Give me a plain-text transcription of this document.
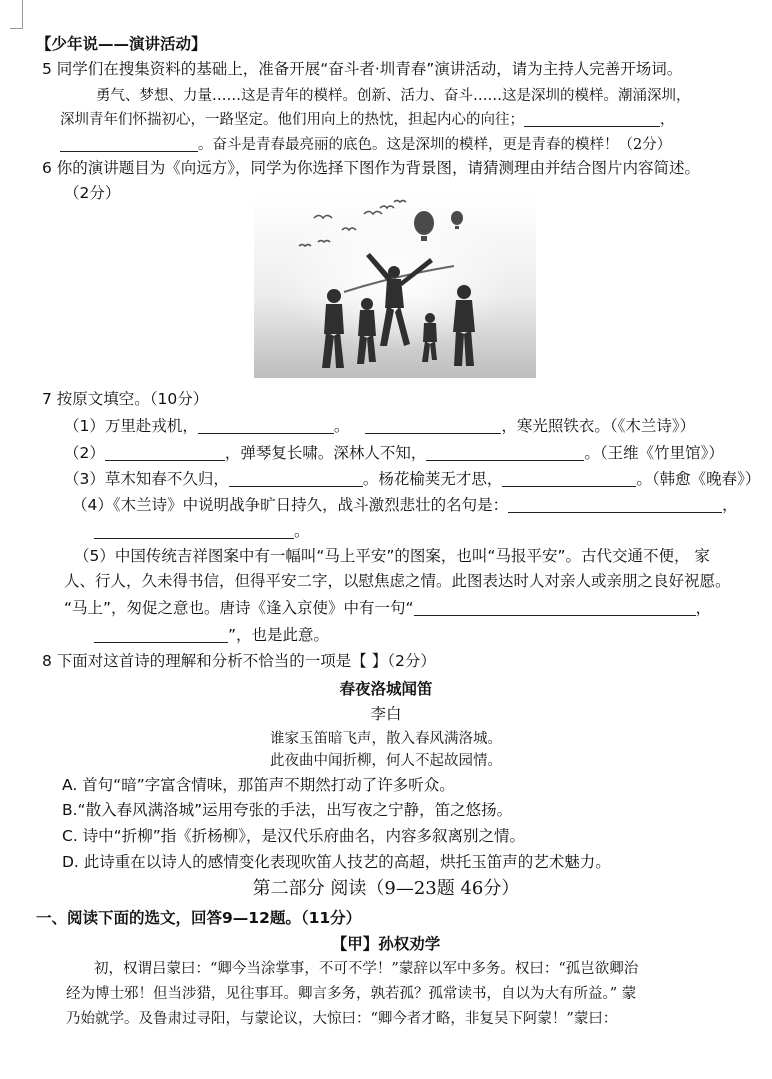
【少年说——演讲活动】
5 同学们在搜集资料的基础上，准备开展“奋斗者·圳青春”演讲活动，请为主持人完善开场词。
勇气、梦想、力量……这是青年的模样。创新、活力、奋斗……这是深圳的模样。潮涌深圳，
深圳青年们怀揣初心，一路坚定。他们用向上的热忱，担起内心的向往；	，
。奋斗是青春最亮丽的底色。这是深圳的模样，更是青春的模样！（2分）
6 你的演讲题目为《向远方》，同学为你选择下图作为背景图，请猜测理由并结合图片内容简述。
（2分）
7 按原文填空。（10分）
（1）万里赴戎机，	。	，寒光照铁衣。（《木兰诗》）
（2）	，弹琴复长啸。深林人不知，	。（王维《竹里馆》）
（3）草木知春不久归，	。杨花榆荚无才思，	。（韩愈《晚春》）
（4）《木兰诗》中说明战争旷日持久，战斗激烈悲壮的名句是：	，
。
（5）中国传统吉祥图案中有一幅叫“马上平安”的图案，也叫“马报平安”。古代交通不便， 家
人、行人，久未得书信，但得平安二字，以慰焦虑之情。此图表达时人对亲人或亲朋之良好祝愿。
“马上”，匆促之意也。唐诗《逢入京使》中有一句“	，
”，也是此意。
8 下面对这首诗的理解和分析不恰当的一项是【 】（2分）
春夜洛城闻笛
李白
谁家玉笛暗飞声，散入春风满洛城。
此夜曲中闻折柳，何人不起故园情。
A. 首句“暗”字富含情味，那笛声不期然打动了许多听众。
B.“散入春风满洛城”运用夸张的手法，出写夜之宁静，笛之悠扬。
C. 诗中“折柳”指《折杨柳》，是汉代乐府曲名，内容多叙离别之情。
D. 此诗重在以诗人的感情变化表现吹笛人技艺的高超，烘托玉笛声的艺术魅力。
第二部分 阅读（9—23题 46分）
一、阅读下面的选文，回答9—12题。（11分）
【甲】孙权劝学
初，权谓吕蒙曰：“卿今当涂掌事，不可不学！”蒙辞以军中多务。权曰：“孤岂欲卿治
经为博士邪！但当涉猎，见往事耳。卿言多务，孰若孤？孤常读书，自以为大有所益。” 蒙
乃始就学。及鲁肃过寻阳，与蒙论议，大惊曰：“卿今者才略，非复吴下阿蒙！”蒙曰：
